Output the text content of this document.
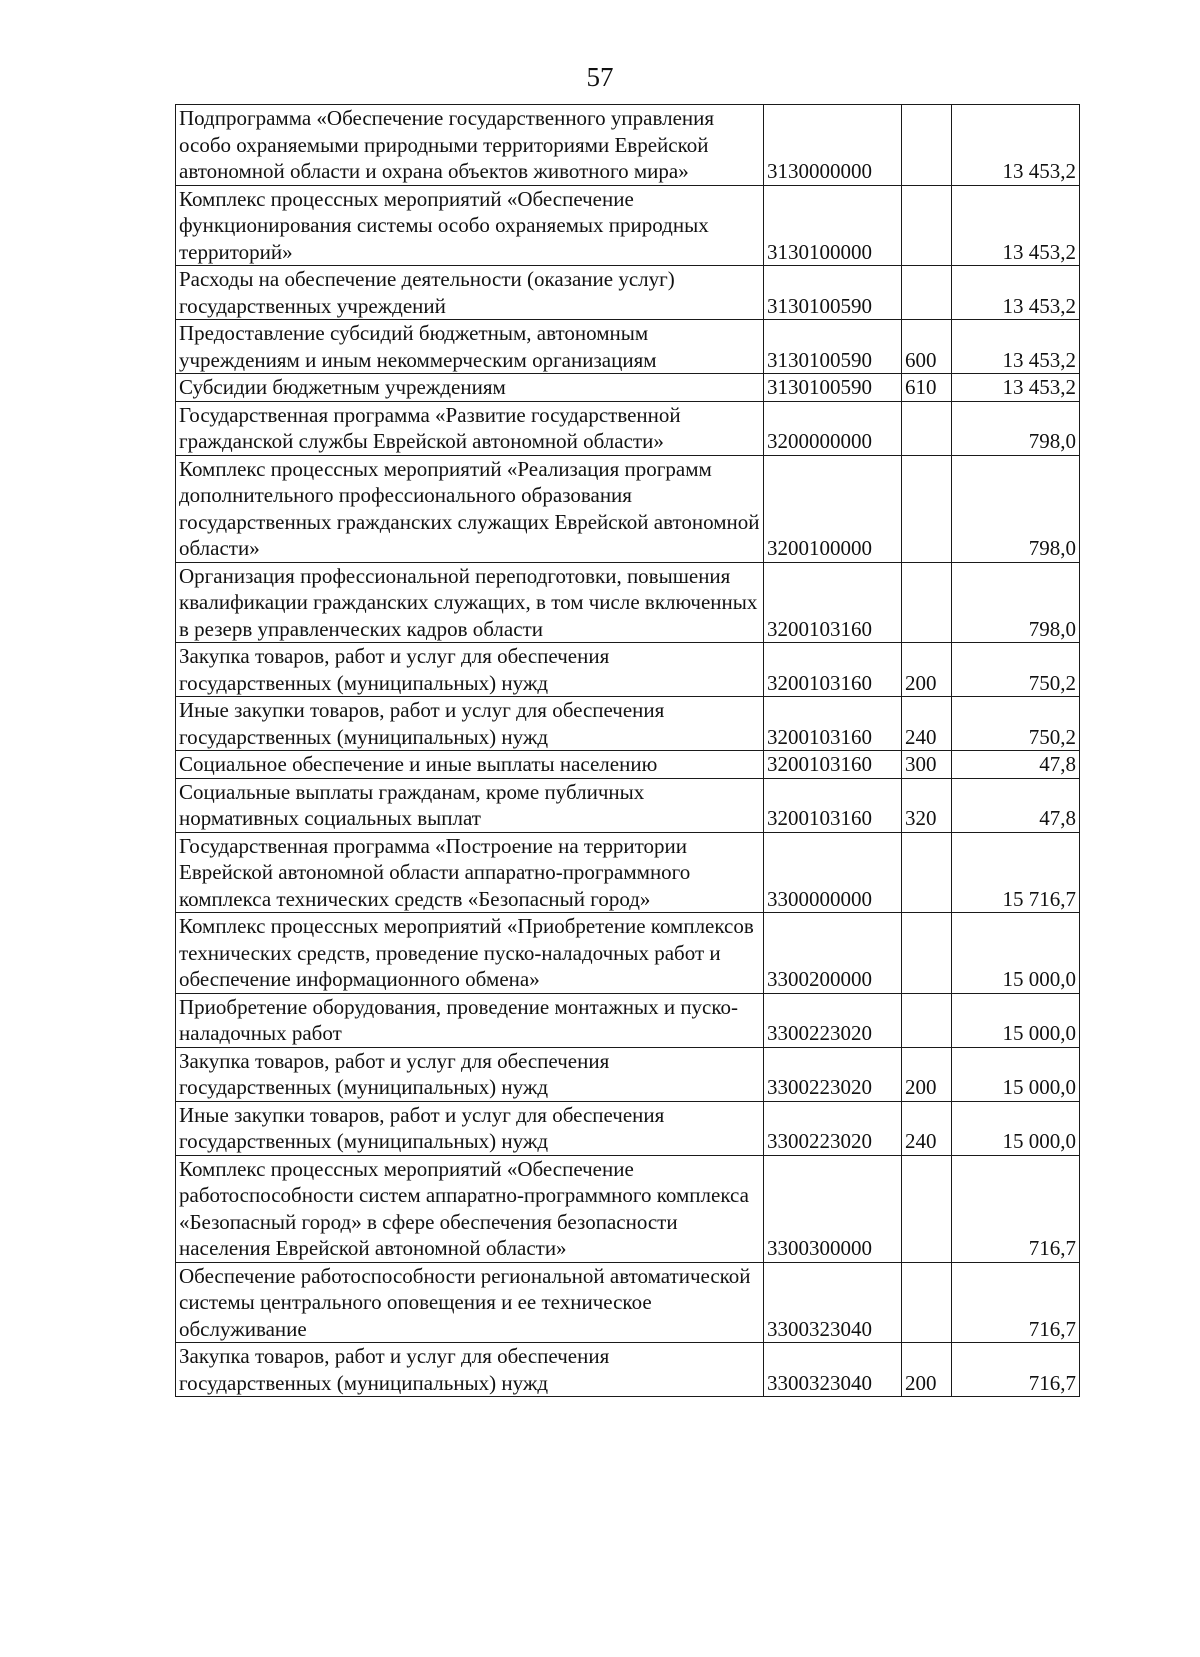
57
Подпрограмма «Обеспечение государственного управления особо охраняемыми природными территориями Еврейской автономной области и охрана объектов животного мира»	3130000000		13 453,2
Комплекс процессных мероприятий «Обеспечение функционирования системы особо охраняемых природных территорий»	3130100000		13 453,2
Расходы на обеспечение деятельности (оказание услуг) государственных учреждений	3130100590		13 453,2
Предоставление субсидий бюджетным, автономным учреждениям и иным некоммерческим организациям	3130100590	600	13 453,2
Субсидии бюджетным учреждениям	3130100590	610	13 453,2
Государственная программа «Развитие государственной гражданской службы Еврейской автономной области»	3200000000		798,0
Комплекс процессных мероприятий «Реализация программ дополнительного профессионального образования государственных гражданских служащих Еврейской автономной области»	3200100000		798,0
Организация профессиональной переподготовки, повышения квалификации гражданских служащих, в том числе включенных в резерв управленческих кадров области	3200103160		798,0
Закупка товаров, работ и услуг для обеспечения государственных (муниципальных) нужд	3200103160	200	750,2
Иные закупки товаров, работ и услуг для обеспечения государственных (муниципальных) нужд	3200103160	240	750,2
Социальное обеспечение и иные выплаты населению	3200103160	300	47,8
Социальные выплаты гражданам, кроме публичных нормативных социальных выплат	3200103160	320	47,8
Государственная программа «Построение на территории Еврейской автономной области аппаратно-программного комплекса технических средств «Безопасный город»	3300000000		15 716,7
Комплекс процессных мероприятий «Приобретение комплексов технических средств, проведение пуско-наладочных работ и обеспечение информационного обмена»	3300200000		15 000,0
Приобретение оборудования, проведение монтажных и пуско-наладочных работ	3300223020		15 000,0
Закупка товаров, работ и услуг для обеспечения государственных (муниципальных) нужд	3300223020	200	15 000,0
Иные закупки товаров, работ и услуг для обеспечения государственных (муниципальных) нужд	3300223020	240	15 000,0
Комплекс процессных мероприятий «Обеспечение работоспособности систем аппаратно-программного комплекса «Безопасный город» в сфере обеспечения безопасности населения Еврейской автономной области»	3300300000		716,7
Обеспечение работоспособности региональной автоматической системы центрального оповещения и ее техническое обслуживание	3300323040		716,7
Закупка товаров, работ и услуг для обеспечения государственных (муниципальных) нужд	3300323040	200	716,7
